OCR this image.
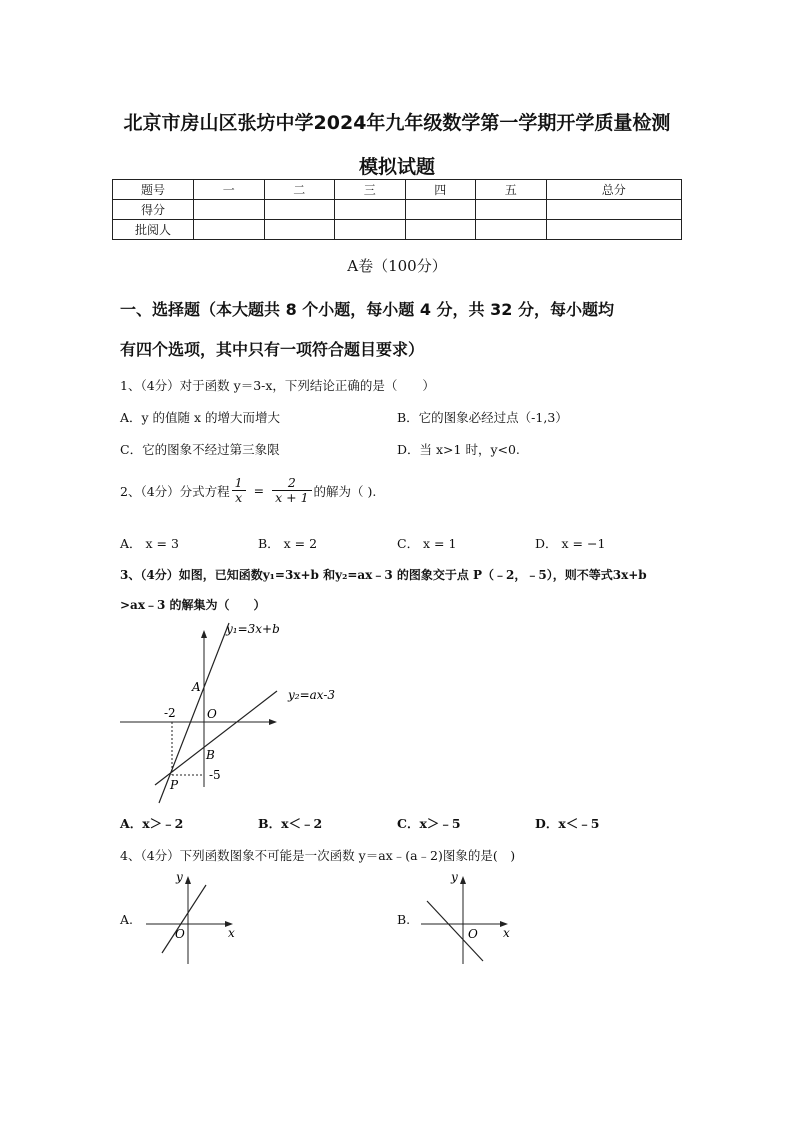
北京市房山区张坊中学2024年九年级数学第一学期开学质量检测
模拟试题
题号	一	二	三	四	五	总分
得分						
批阅人						
A卷（100分）
一、选择题（本大题共 8 个小题，每小题 4 分，共 32 分，每小题均
有四个选项，其中只有一项符合题目要求）
1、（4分）对于函数 y＝3-x，下列结论正确的是（　　）
A．y 的值随 x 的增大而增大	B．它的图象必经过点（-1,3）
C．它的图象不经过第三象限	D．当 x>1 时，y<0.
2、（4分）分式方程 $\frac{1}{x} = \frac{2}{x + 1}$ 的解为（ ).
A． x = 3	B． x = 2	C． x = 1	D． x = −1
3、（4分）如图，已知函数y₁=3x+b 和y₂=ax﹣3 的图象交于点 P（﹣2，﹣5），则不等式3x+b
>ax﹣3 的解集为（　　）
y₁=3x+b
y₂=ax-3
A
O
B
P
-2
-5
A．x＞﹣2	B．x＜﹣2	C．x＞﹣5	D．x＜﹣5
4、（4分）下列函数图象不可能是一次函数 y＝ax﹣(a﹣2)图象的是(　)
A.
y
x
O
B.
y
x
O
